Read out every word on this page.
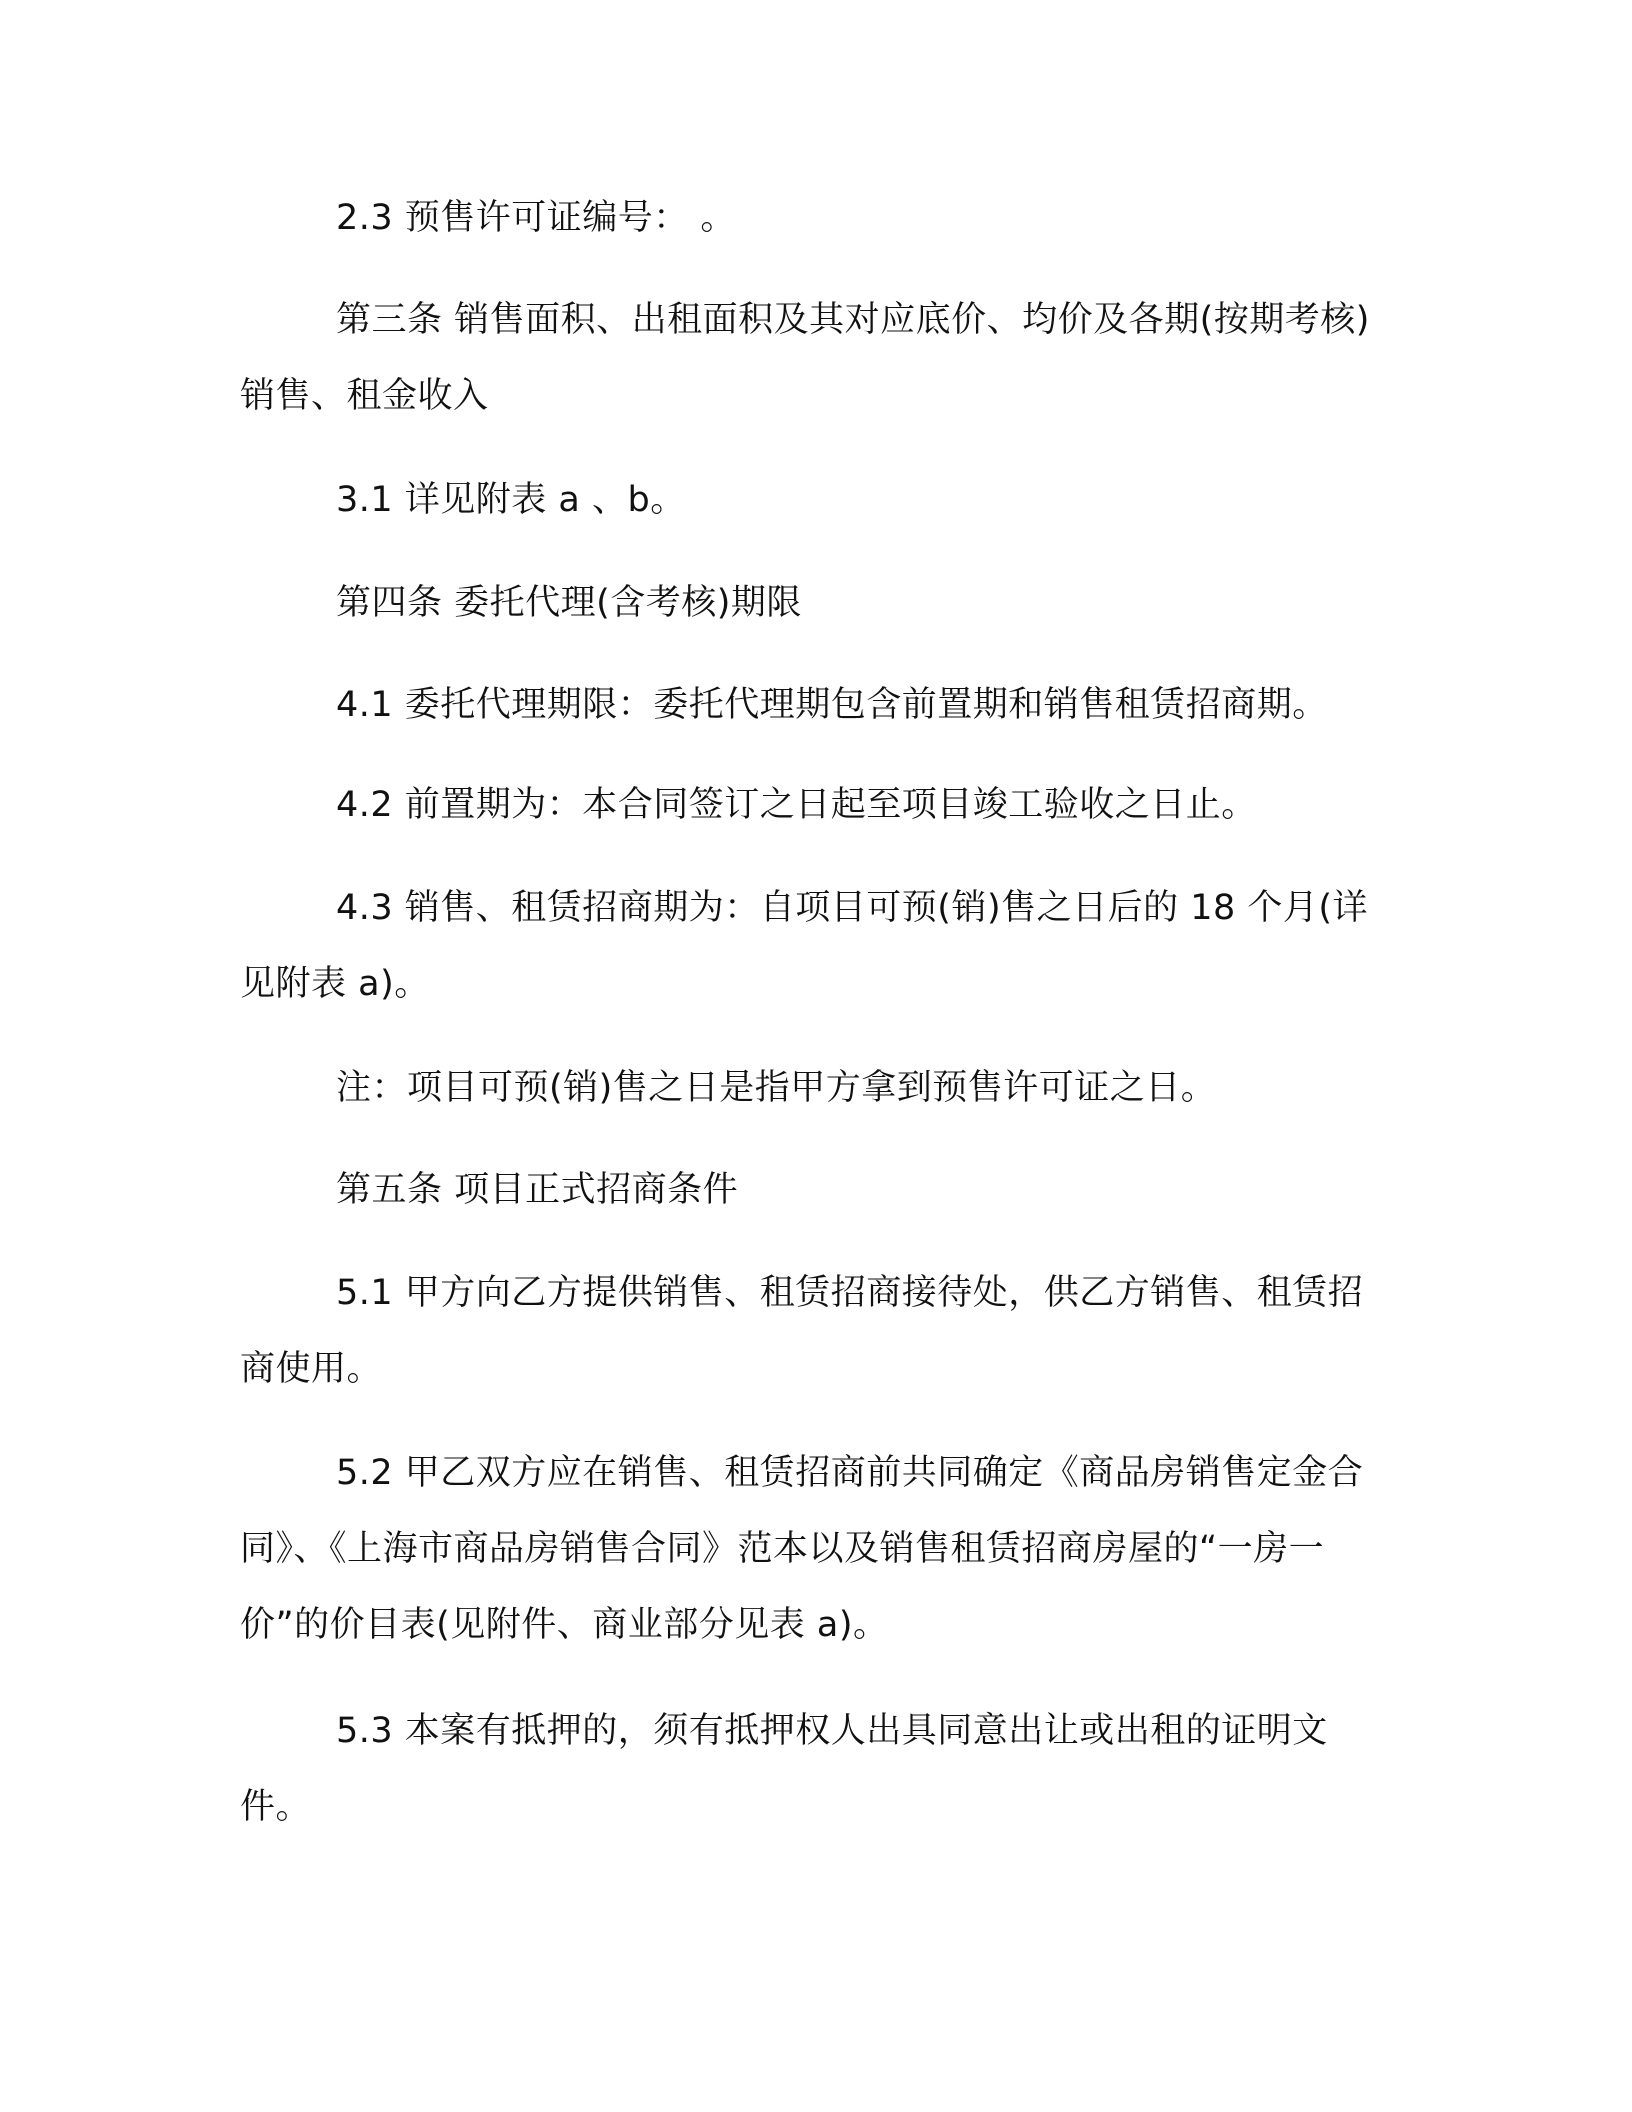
2.3 预售许可证编号： 。

第三条 销售面积、出租面积及其对应底价、均价及各期(按期考核) 销售、租金收入

3.1 详见附表 a 、b。

第四条 委托代理(含考核)期限

4.1 委托代理期限：委托代理期包含前置期和销售租赁招商期。

4.2 前置期为：本合同签订之日起至项目竣工验收之日止。

4.3 销售、租赁招商期为：自项目可预(销)售之日后的 18 个月(详见附表 a)。

注：项目可预(销)售之日是指甲方拿到预售许可证之日。

第五条 项目正式招商条件

5.1 甲方向乙方提供销售、租赁招商接待处，供乙方销售、租赁招商使用。

5.2 甲乙双方应在销售、租赁招商前共同确定《商品房销售定金合同》、《上海市商品房销售合同》范本以及销售租赁招商房屋的“一房一价”的价目表(见附件、商业部分见表 a)。

5.3 本案有抵押的，须有抵押权人出具同意出让或出租的证明文件。
